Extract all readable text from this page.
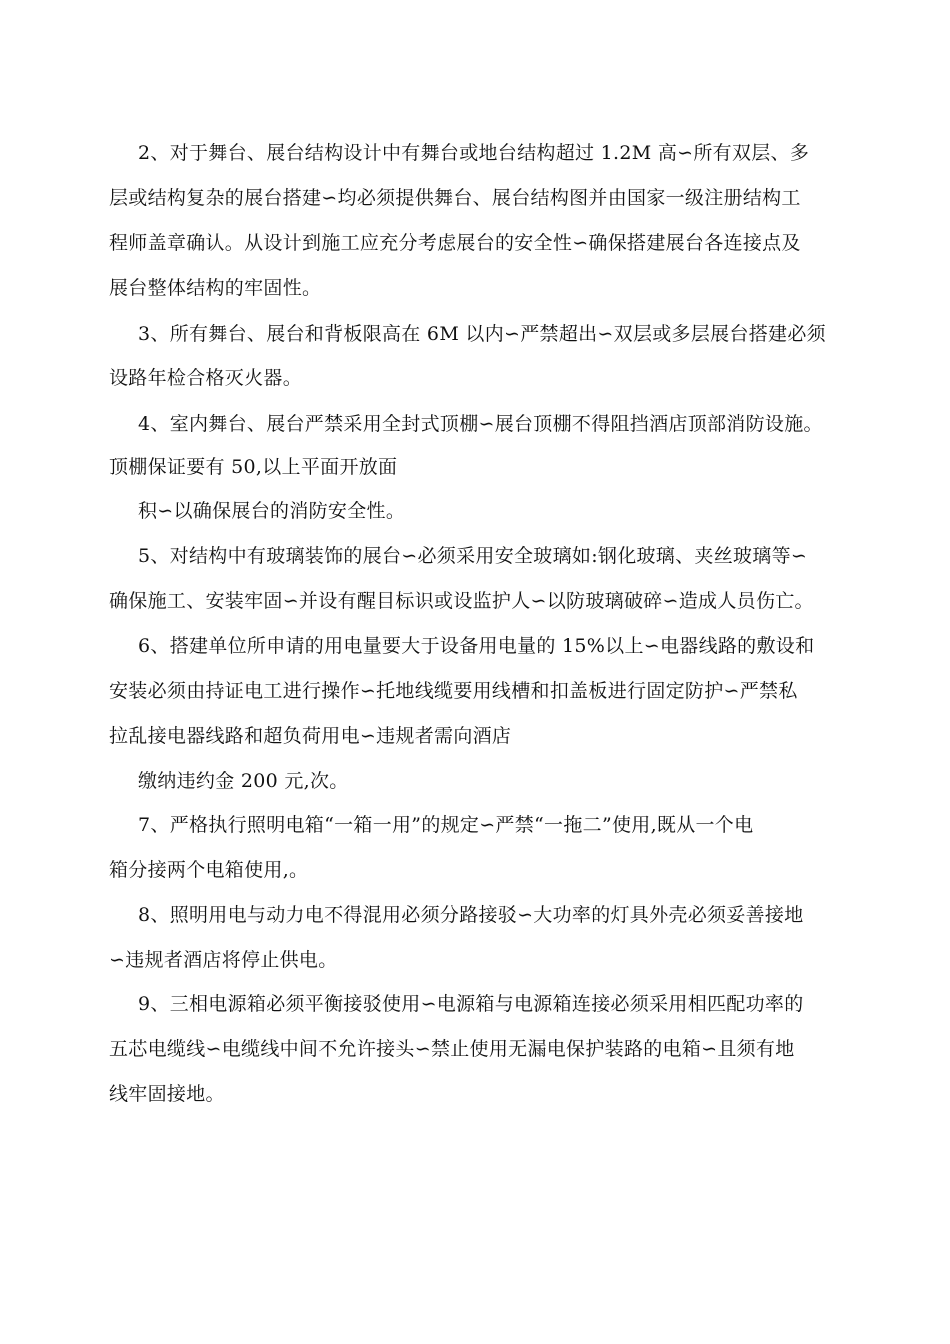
2、对于舞台、展台结构设计中有舞台或地台结构超过 1.2M 高∽所有双层、多
层或结构复杂的展台搭建∽均必须提供舞台、展台结构图并由国家一级注册结构工
程师盖章确认。从设计到施工应充分考虑展台的安全性∽确保搭建展台各连接点及
展台整体结构的牢固性。
3、所有舞台、展台和背板限高在 6M 以内∽严禁超出∽双层或多层展台搭建必须
设路年检合格灭火器。
4、室内舞台、展台严禁采用全封式顶棚∽展台顶棚不得阻挡酒店顶部消防设施。
顶棚保证要有 50,以上平面开放面
积∽以确保展台的消防安全性。
5、对结构中有玻璃装饰的展台∽必须采用安全玻璃如:钢化玻璃、夹丝玻璃等∽
确保施工、安装牢固∽并设有醒目标识或设监护人∽以防玻璃破碎∽造成人员伤亡。
6、搭建单位所申请的用电量要大于设备用电量的 15%以上∽电器线路的敷设和
安装必须由持证电工进行操作∽托地线缆要用线槽和扣盖板进行固定防护∽严禁私
拉乱接电器线路和超负荷用电∽违规者需向酒店
缴纳违约金 200 元,次。
7、严格执行照明电箱“一箱一用”的规定∽严禁“一拖二”使用,既从一个电
箱分接两个电箱使用,。
8、照明用电与动力电不得混用必须分路接驳∽大功率的灯具外壳必须妥善接地
∽违规者酒店将停止供电。
9、三相电源箱必须平衡接驳使用∽电源箱与电源箱连接必须采用相匹配功率的
五芯电缆线∽电缆线中间不允许接头∽禁止使用无漏电保护装路的电箱∽且须有地
线牢固接地。
